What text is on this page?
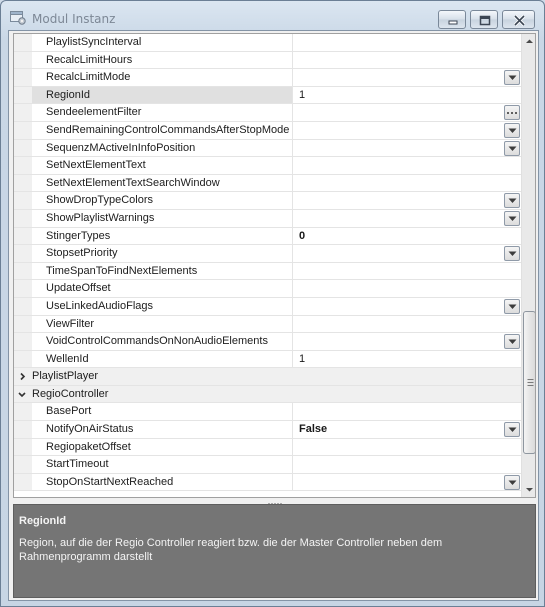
Modul Instanz
PlaylistSyncInterval
RecalcLimitHours
RecalcLimitMode
RegionId	1
SendeelementFilter
SendRemainingControlCommandsAfterStopMode
SequenzMActiveInInfoPosition
SetNextElementText
SetNextElementTextSearchWindow
ShowDropTypeColors
ShowPlaylistWarnings
StingerTypes	0
StopsetPriority
TimeSpanToFindNextElements
UpdateOffset
UseLinkedAudioFlags
ViewFilter
VoidControlCommandsOnNonAudioElements
WellenId	1
PlaylistPlayer
RegioController
BasePort
NotifyOnAirStatus	False
RegiopaketOffset
StartTimeout
StopOnStartNextReached
RegionId
Region, auf die der Regio Controller reagiert bzw. die der Master Controller neben dem Rahmenprogramm darstellt
